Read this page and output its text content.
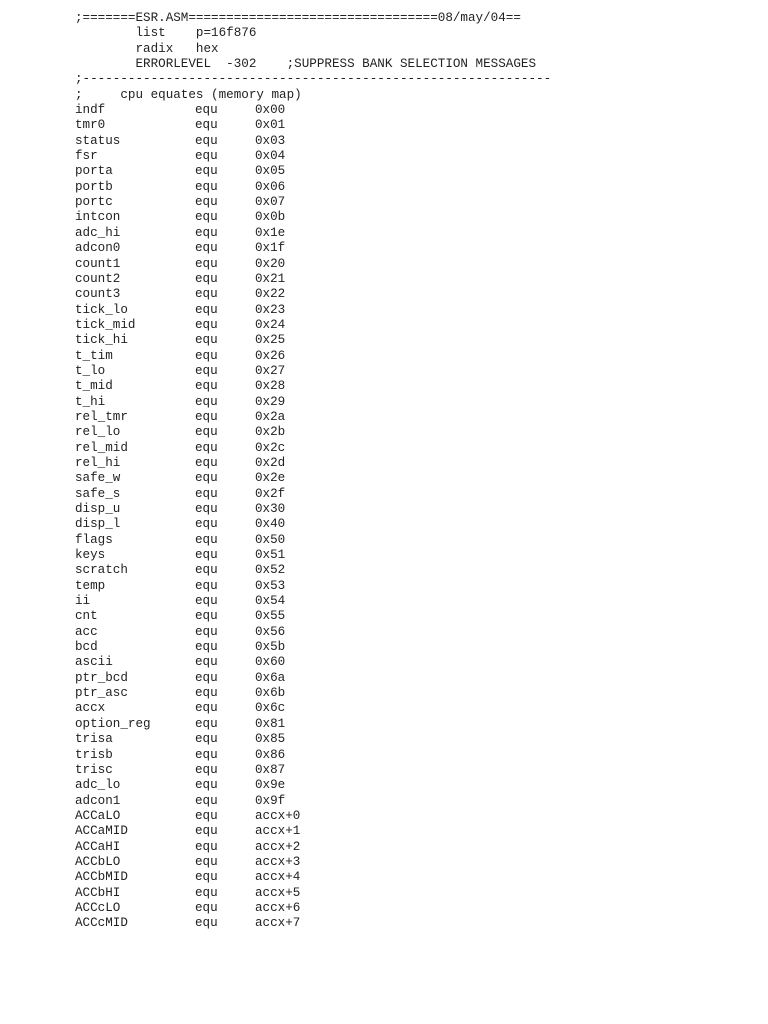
;=======ESR.ASM=================================08/may/04==
list    p=16f876
radix   hex
ERRORLEVEL  -302    ;SUPPRESS BANK SELECTION MESSAGES
;--------------------------------------------------------------
;     cpu equates (memory map)
indf	equ	0x00
tmr0	equ	0x01
status	equ	0x03
fsr	equ	0x04
porta	equ	0x05
portb	equ	0x06
portc	equ	0x07
intcon	equ	0x0b
adc_hi	equ	0x1e
adcon0	equ	0x1f
count1	equ	0x20
count2	equ	0x21
count3	equ	0x22
tick_lo	equ	0x23
tick_mid	equ	0x24
tick_hi	equ	0x25
t_tim	equ	0x26
t_lo	equ	0x27
t_mid	equ	0x28
t_hi	equ	0x29
rel_tmr	equ	0x2a
rel_lo	equ	0x2b
rel_mid	equ	0x2c
rel_hi	equ	0x2d
safe_w	equ	0x2e
safe_s	equ	0x2f
disp_u	equ	0x30
disp_l	equ	0x40
flags	equ	0x50
keys	equ	0x51
scratch	equ	0x52
temp	equ	0x53
ii	equ	0x54
cnt	equ	0x55
acc	equ	0x56
bcd	equ	0x5b
ascii	equ	0x60
ptr_bcd	equ	0x6a
ptr_asc	equ	0x6b
accx	equ	0x6c
option_reg	equ	0x81
trisa	equ	0x85
trisb	equ	0x86
trisc	equ	0x87
adc_lo	equ	0x9e
adcon1	equ	0x9f
ACCaLO	equ	accx+0
ACCaMID	equ	accx+1
ACCaHI	equ	accx+2
ACCbLO	equ	accx+3
ACCbMID	equ	accx+4
ACCbHI	equ	accx+5
ACCcLO	equ	accx+6
ACCcMID	equ	accx+7
